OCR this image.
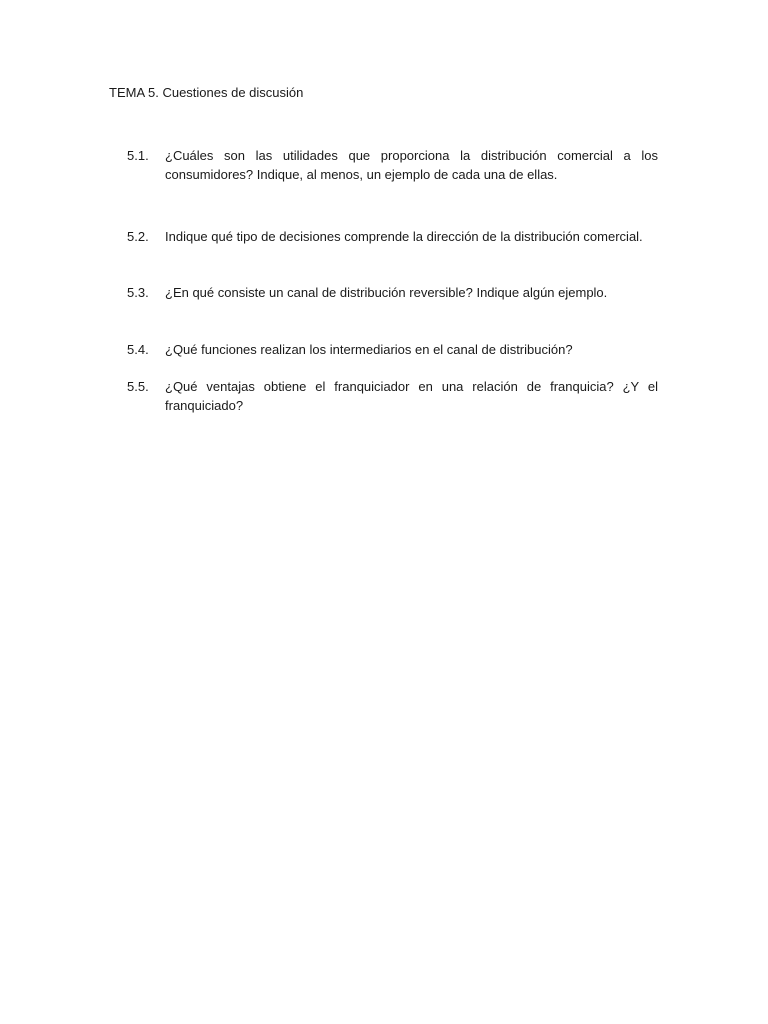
TEMA 5. Cuestiones de discusión
5.1.	¿Cuáles son las utilidades que proporciona la distribución comercial a los consumidores? Indique, al menos, un ejemplo de cada una de ellas.
5.2.	Indique qué tipo de decisiones comprende la dirección de la distribución comercial.
5.3.	¿En qué consiste un canal de distribución reversible? Indique algún ejemplo.
5.4.	¿Qué funciones realizan los intermediarios en el canal de distribución?
5.5.	¿Qué ventajas obtiene el franquiciador en una relación de franquicia? ¿Y el franquiciado?
